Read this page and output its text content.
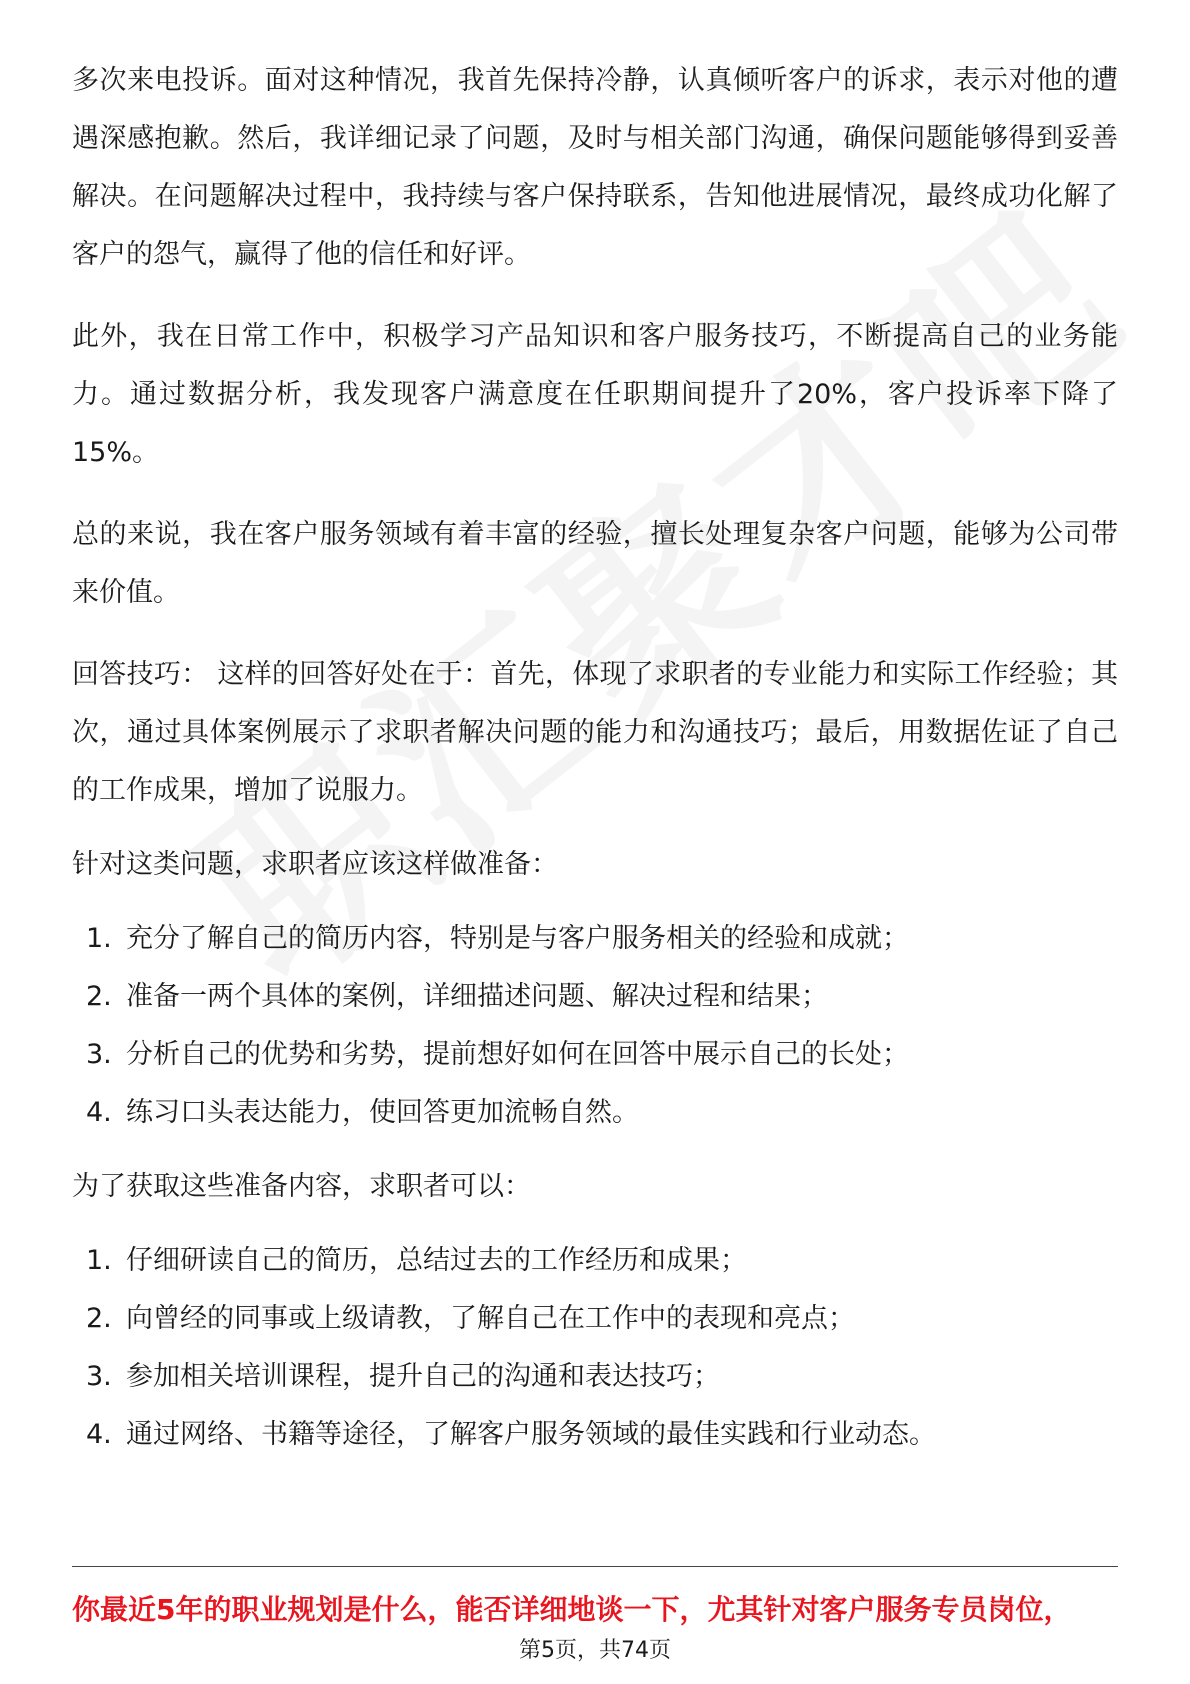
多次来电投诉。面对这种情况，我首先保持冷静，认真倾听客户的诉求，表示对他的遭遇深感抱歉。然后，我详细记录了问题，及时与相关部门沟通，确保问题能够得到妥善解决。在问题解决过程中，我持续与客户保持联系，告知他进展情况，最终成功化解了客户的怨气，赢得了他的信任和好评。

此外，我在日常工作中，积极学习产品知识和客户服务技巧，不断提高自己的业务能力。通过数据分析，我发现客户满意度在任职期间提升了20%，客户投诉率下降了15%。

总的来说，我在客户服务领域有着丰富的经验，擅长处理复杂客户问题，能够为公司带来价值。

回答技巧： 这样的回答好处在于：首先，体现了求职者的专业能力和实际工作经验；其次，通过具体案例展示了求职者解决问题的能力和沟通技巧；最后，用数据佐证了自己的工作成果，增加了说服力。

针对这类问题，求职者应该这样做准备：

1. 充分了解自己的简历内容，特别是与客户服务相关的经验和成就；
2. 准备一两个具体的案例，详细描述问题、解决过程和结果；
3. 分析自己的优势和劣势，提前想好如何在回答中展示自己的长处；
4. 练习口头表达能力，使回答更加流畅自然。

为了获取这些准备内容，求职者可以：

1. 仔细研读自己的简历，总结过去的工作经历和成果；
2. 向曾经的同事或上级请教，了解自己在工作中的表现和亮点；
3. 参加相关培训课程，提升自己的沟通和表达技巧；
4. 通过网络、书籍等途径，了解客户服务领域的最佳实践和行业动态。
你最近5年的职业规划是什么，能否详细地谈一下，尤其针对客户服务专员岗位，
第5页，共74页
